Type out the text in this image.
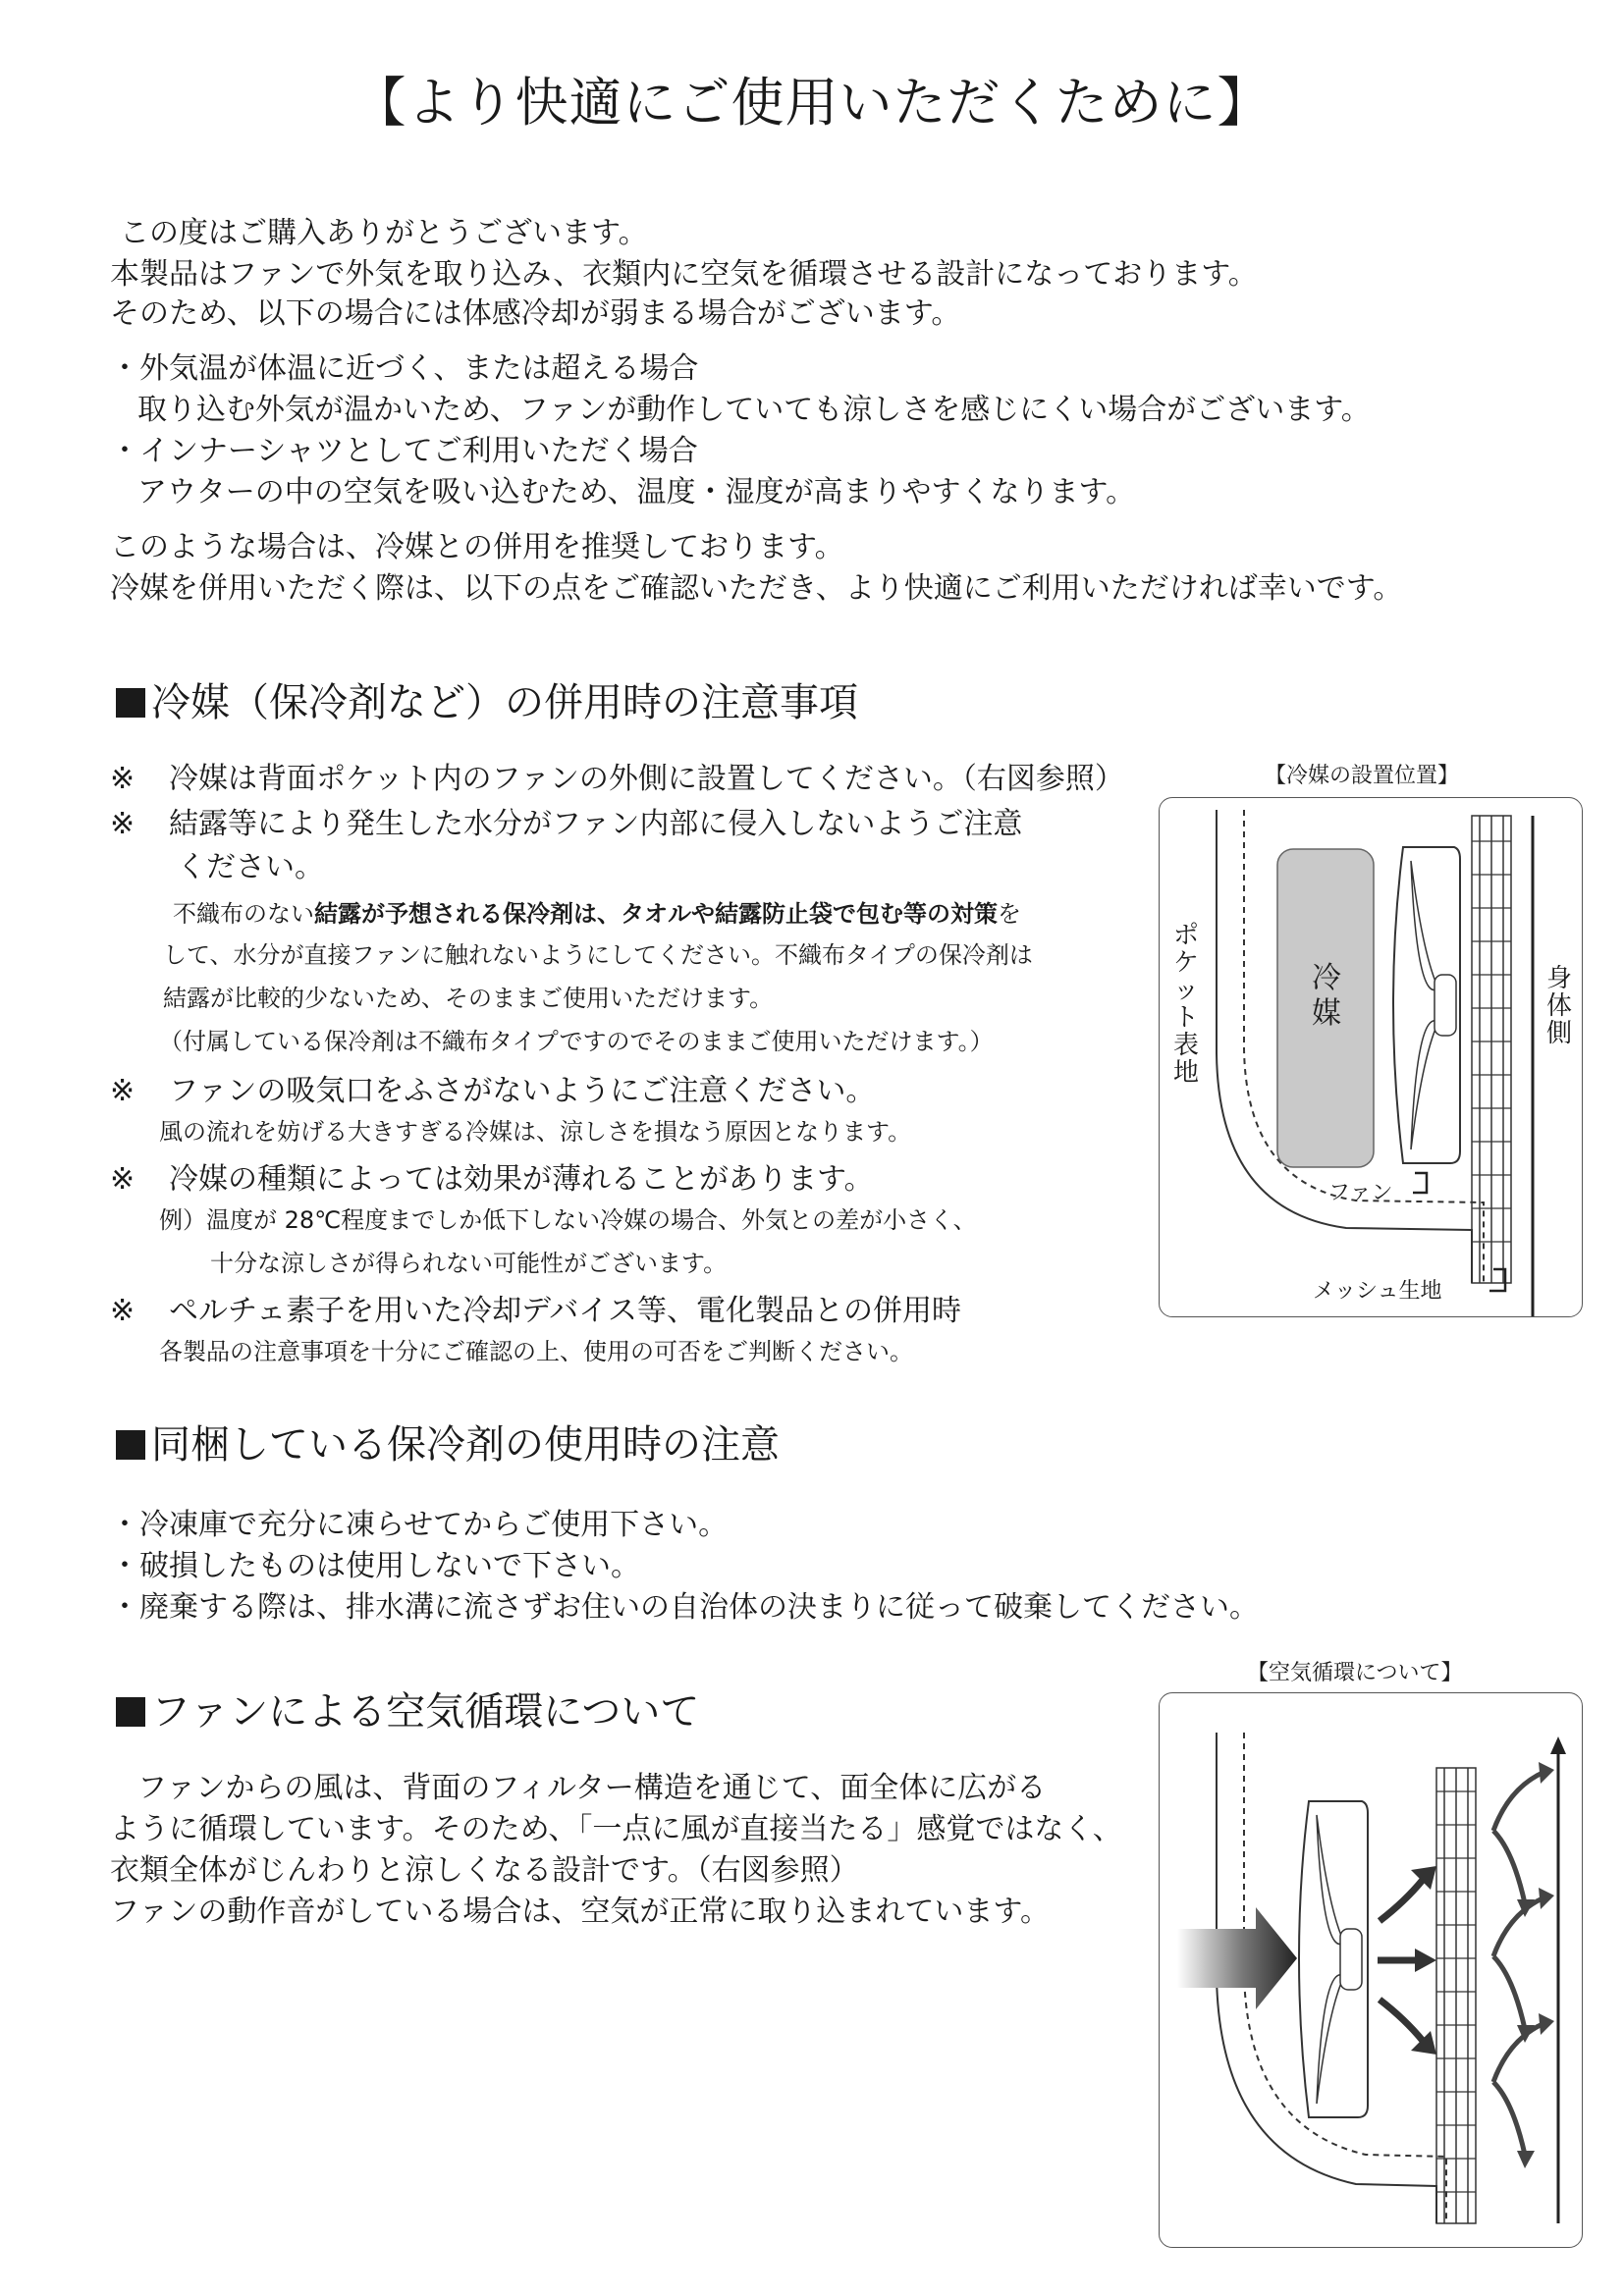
【より快適にご使用いただくために】
この度はご購入ありがとうございます。
本製品はファンで外気を取り込み、衣類内に空気を循環させる設計になっております。
そのため、以下の場合には体感冷却が弱まる場合がございます。
・外気温が体温に近づく、または超える場合
取り込む外気が温かいため、ファンが動作していても涼しさを感じにくい場合がございます。
・インナーシャツとしてご利用いただく場合
アウターの中の空気を吸い込むため、温度・湿度が高まりやすくなります。
このような場合は、冷媒との併用を推奨しております。
冷媒を併用いただく際は、以下の点をご確認いただき、より快適にご利用いただければ幸いです。
冷媒（保冷剤など）の併用時の注意事項
※ 冷媒は背面ポケット内のファンの外側に設置してください。（右図参照）
※ 結露等により発生した水分がファン内部に侵入しないようご注意
ください。
不織布のない結露が予想される保冷剤は、タオルや結露防止袋で包む等の対策を
して、水分が直接ファンに触れないようにしてください。不織布タイプの保冷剤は
結露が比較的少ないため、そのままご使用いただけます。
（付属している保冷剤は不織布タイプですのでそのままご使用いただけます。）
※ ファンの吸気口をふさがないようにご注意ください。
風の流れを妨げる大きすぎる冷媒は、涼しさを損なう原因となります。
※ 冷媒の種類によっては効果が薄れることがあります。
例）温度が 28℃程度までしか低下しない冷媒の場合、外気との差が小さく、
十分な涼しさが得られない可能性がございます。
※ ペルチェ素子を用いた冷却デバイス等、電化製品との併用時
各製品の注意事項を十分にご確認の上、使用の可否をご判断ください。
【冷媒の設置位置】
ポケット表地
身体側
冷媒
ファン
メッシュ生地
同梱している保冷剤の使用時の注意
・冷凍庫で充分に凍らせてからご使用下さい。
・破損したものは使用しないで下さい。
・廃棄する際は、排水溝に流さずお住いの自治体の決まりに従って破棄してください。
ファンによる空気循環について
ファンからの風は、背面のフィルター構造を通じて、面全体に広がる
ように循環しています。そのため、「一点に風が直接当たる」感覚ではなく、
衣類全体がじんわりと涼しくなる設計です。（右図参照）
ファンの動作音がしている場合は、空気が正常に取り込まれています。
【空気循環について】
